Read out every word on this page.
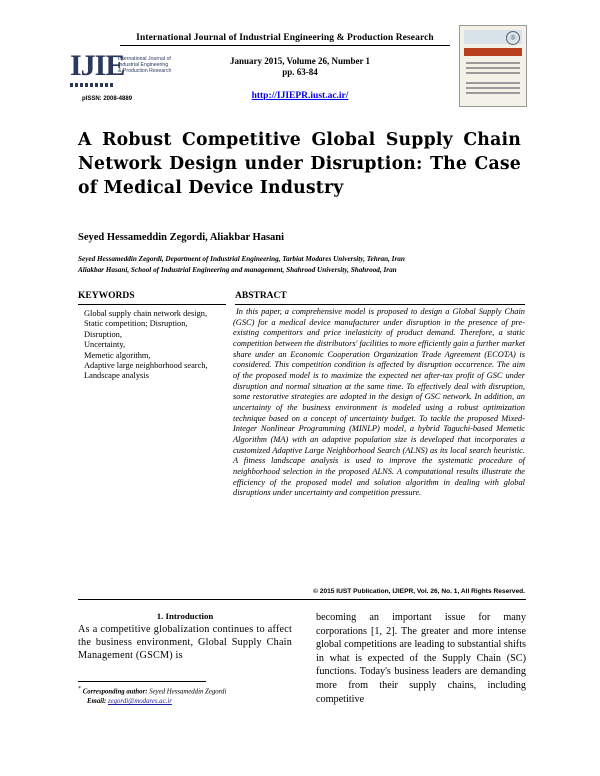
International Journal of Industrial Engineering & Production Research
IJIE
International Journal of
Industrial Engineering
& Production Research
pISSN: 2008-4889
January 2015, Volume 26, Number 1
pp. 63-84
http://IJIEPR.iust.ac.ir/
◎
A Robust Competitive Global Supply Chain Network Design under Disruption: The Case of Medical Device Industry
Seyed Hessameddin Zegordi, Aliakbar Hasani
Seyed Hessameddin Zegordi, Department of Industrial Engineering, Tarbiat Modares University, Tehran, Iran
Aliakbar Hasani, School of Industrial Engineering and management, Shahrood University, Shahrood, Iran
KEYWORDS
Global supply chain network design,
Static competition; Disruption,
Disruption,
Uncertainty,
Memetic algorithm,
Adaptive large neighborhood search,
Landscape analysis
ABSTRACT
In this paper, a comprehensive model is proposed to design a Global Supply Chain (GSC) for a medical device manufacturer under disruption in the presence of pre-existing competitors and price inelasticity of product demand. Therefore, a static competition between the distributors' facilities to more efficiently gain a further market share under an Economic Cooperation Organization Trade Agreement (ECOTA) is considered. This competition condition is affected by disruption occurrence. The aim of the proposed model is to maximize the expected net after-tax profit of GSC under disruption and normal situation at the same time. To effectively deal with disruption, some restorative strategies are adopted in the design of GSC network. In addition, an uncertainty of the business environment is modeled using a robust optimization technique based on a concept of uncertainty budget. To tackle the proposed Mixed-Integer Nonlinear Programming (MINLP) model, a hybrid Taguchi-based Memetic Algorithm (MA) with an adaptive population size is developed that incorporates a customized Adaptive Large Neighborhood Search (ALNS) as its local search heuristic. A fitness landscape analysis is used to improve the systematic procedure of neighborhood selection in the proposed ALNS. A computational results illustrate the efficiency of the proposed model and solution algorithm in dealing with global disruptions under uncertainty and competition pressure.
© 2015 IUST Publication, IJIEPR, Vol. 26, No. 1, All Rights Reserved.
1. Introduction
As a competitive globalization continues to affect the business environment, Global Supply Chain Management (GSCM) is
becoming an important issue for many corporations [1, 2]. The greater and more intense global competitions are leading to substantial shifts in what is expected of the Supply Chain (SC) functions. Today's business leaders are demanding more from their supply chains, including competitive
* Corresponding author: Seyed Hessameddin Zegordi
Email: zegordi@modares.ac.ir
